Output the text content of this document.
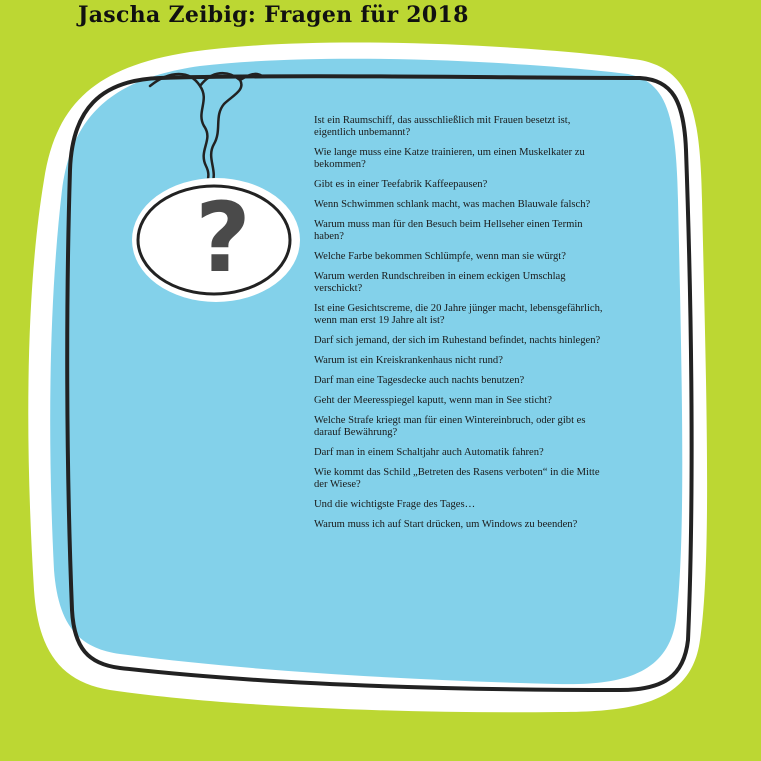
Jascha Zeibig: Fragen für 2018
?
Ist ein Raumschiff, das ausschließlich mit Frauen besetzt ist, eigentlich unbemannt?
Wie lange muss eine Katze trainieren, um einen Muskelkater zu bekommen?
Gibt es in einer Teefabrik Kaffeepausen?
Wenn Schwimmen schlank macht, was machen Blauwale falsch?
Warum muss man für den Besuch beim Hellseher einen Termin haben?
Welche Farbe bekommen Schlümpfe, wenn man sie würgt?
Warum werden Rundschreiben in einem eckigen Umschlag verschickt?
Ist eine Gesichtscreme, die 20 Jahre jünger macht, lebensgefährlich, wenn man erst 19 Jahre alt ist?
Darf sich jemand, der sich im Ruhestand befindet, nachts hinlegen?
Warum ist ein Kreiskrankenhaus nicht rund?
Darf man eine Tagesdecke auch nachts benutzen?
Geht der Meeresspiegel kaputt, wenn man in See sticht?
Welche Strafe kriegt man für einen Wintereinbruch, oder gibt es darauf Bewährung?
Darf man in einem Schaltjahr auch Automatik fahren?
Wie kommt das Schild „Betreten des Rasens verboten“ in die Mitte der Wiese?
Und die wichtigste Frage des Tages…
Warum muss ich auf Start drücken, um Windows zu beenden?
